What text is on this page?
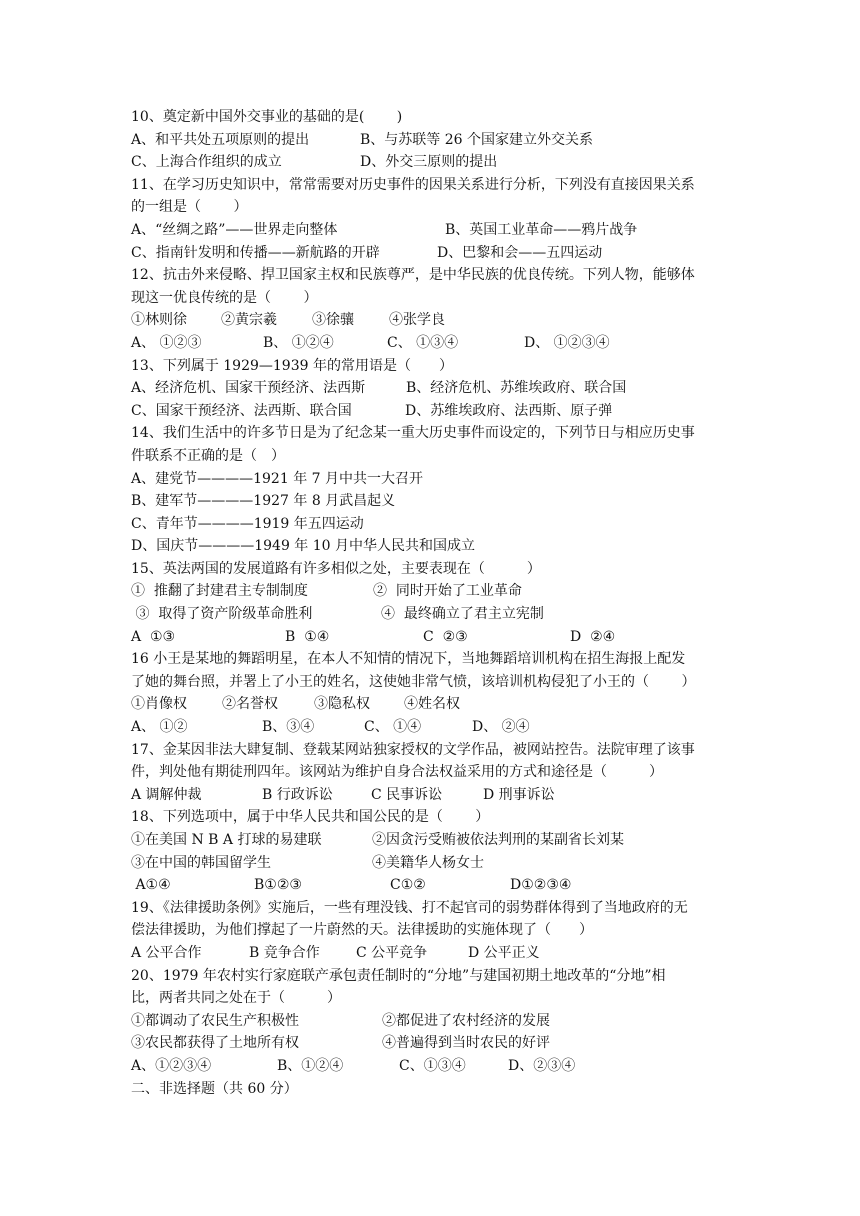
10、奠定新中国外交事业的基础的是(　　 )

A、和平共处五项原则的提出

	B、与苏联等 26 个国家建立外交关系

C、上海合作组织的成立

	D、外交三原则的提出

11、在学习历史知识中，常常需要对历史事件的因果关系进行分析，下列没有直接因果关系
的一组是（　　 ）

A、“丝绸之路”——世界走向整体

	B、英国工业革命——鸦片战争

C、指南针发明和传播——新航路的开辟

	D、巴黎和会——五四运动

12、抗击外来侵略、捍卫国家主权和民族尊严，是中华民族的优良传统。下列人物，能够体
现这一优良传统的是（　　 ）

①林则徐

②黄宗羲

	③徐骧

	④张学良

A、 ①②③

	B、 ①②④

	C、 ①③④

	D、 ①②③④

13、下列属于 1929—1939 年的常用语是（　　）

A、经济危机、国家干预经济、法西斯

	B、经济危机、苏维埃政府、联合国

C、国家干预经济、法西斯、联合国

	D、苏维埃政府、法西斯、原子弹

14、我们生活中的许多节日是为了纪念某一重大历史事件而设定的，下列节日与相应历史事
件联系不正确的是（　）
A、建党节————1921 年 7 月中共一大召开
B、建军节————1927 年 8 月武昌起义
C、青年节————1919 年五四运动
D、国庆节————1949 年 10 月中华人民共和国成立
15、英法两国的发展道路有许多相似之处，主要表现在（　　　）

①  推翻了封建君主专制制度

	②  同时开始了工业革命

③  取得了资产阶级革命胜利

	④  最终确立了君主立宪制

A  ①③

	B  ①④

	C  ②③

	D  ②④

16 小王是某地的舞蹈明星，在本人不知情的情况下，当地舞蹈培训机构在招生海报上配发
了她的舞台照，并署上了小王的姓名，这使她非常气愤，该培训机构侵犯了小王的（　　 ）

①肖像权

	②名誉权

	③隐私权

④姓名权

A、 ①②

	B、③④

	C、 ①④

	D、 ②④

17、金某因非法大肆复制、登载某网站独家授权的文学作品，被网站控告。法院审理了该事
件，判处他有期徒刑四年。该网站为维护自身合法权益采用的方式和途径是（　　　）

A 调解仲裁

	B 行政诉讼

	C 民事诉讼

	D 刑事诉讼

18、下列选项中，属于中华人民共和国公民的是（　　 ）

①在美国 N B A 打球的易建联

	②因贪污受贿被依法判刑的某副省长刘某

③在中国的韩国留学生

	④美籍华人杨女士

A①④

	B①②③

	C①②

	D①②③④

19、《法律援助条例》实施后，一些有理没钱、打不起官司的弱势群体得到了当地政府的无
偿法律援助，为他们撑起了一片蔚然的天。法律援助的实施体现了（　　）

A 公平合作

	B 竞争合作

	C 公平竞争

	D 公平正义

20、1979 年农村实行家庭联产承包责任制时的“分地”与建国初期土地改革的“分地”相
比，两者共同之处在于（　　　）

①都调动了农民生产积极性

	②都促进了农村经济的发展

③农民都获得了土地所有权

	④普遍得到当时农民的好评

A、①②③④

	B、①②④

	C、①③④

	D、②③④

二、非选择题（共 60 分）
